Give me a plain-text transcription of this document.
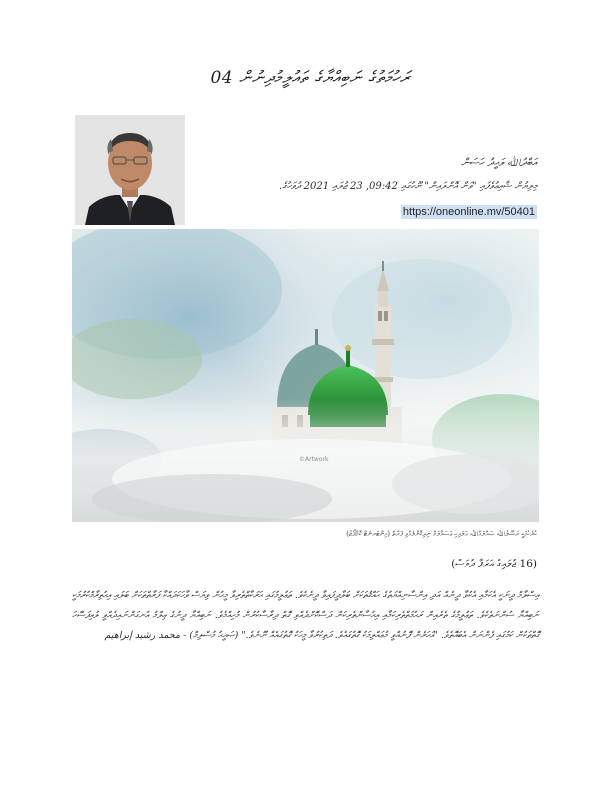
ރަހުމަތުގެ ނަބިއްޔާގެ ތައުލީމުދިނުން 04
އަބްދުﷲ ވަޙީދު ހަސަން
މިލިޔުން ޝާއިޢުވެފައި "ވަން އޮންލައިން" ނޫހުގައި 09:42, 23 ޖުލައި 2021 ދުވަހުގެ.
https://oneonline.mv/50401
©Artwork
ކުރެހުމަކީ ރަސޫލުﷲ ޞައްލައްﷲ ޢަލައިހި ވަސައްލަމް ނިދިކޮށްލެއްވި ފަރާތް (އިންޓަރނެޓް ކޮމްޕޯޒު)
(16 ޖުލައިގެ އަރަފާ ދުވަސް)

އިސްލާމް ދީނަކީ އެކަމާއި އެކުވާ ދީނެއް އަދި އިންސާނިއްޔަތުގެ ޙައްޤުތަކަށް ބަލާދީފައިވާ ދީނެކެވެ. ތަޢުލީމުގައި ޙަރަކާތްތެރިވާ މީހުން ވިޔަސް ވާހަކަދައްކާ ފަރާތްތަކަށް ބަލައި އިޙުތިރާމްކުރުމަކީ ނަބިއްޔާ ސުންނަތެކެވެ. ތަޢުލީމުގެ ތެރެއިން ރަޙުމަތްތެރިކަމާއި އިޙުސާންތެރިކަން ދަސްކޮށްދެއްވި ގޮތް ދިރާސާކުރުން މުހިއްމެވެ. ނަބިއްޔާ ދީނުގެ ޢިލްމު އުނގަންނައިދެއްވީ ލުއިފަސޭހަ ގޮތްތަކުން ކަމުގައި ފެންނަން އެބައޮތެވެ. "އަހަރެން ފޮނުއްވީ މުޢައްލިމަކު ގޮތުގައެވެ. ދަތިކުރުވާ މީހަކު ގޮތުގައެއް ނޫނެވެ." (ޞަޙީޙު މުސްލިމް) - محمد رشيد إبراهيم
